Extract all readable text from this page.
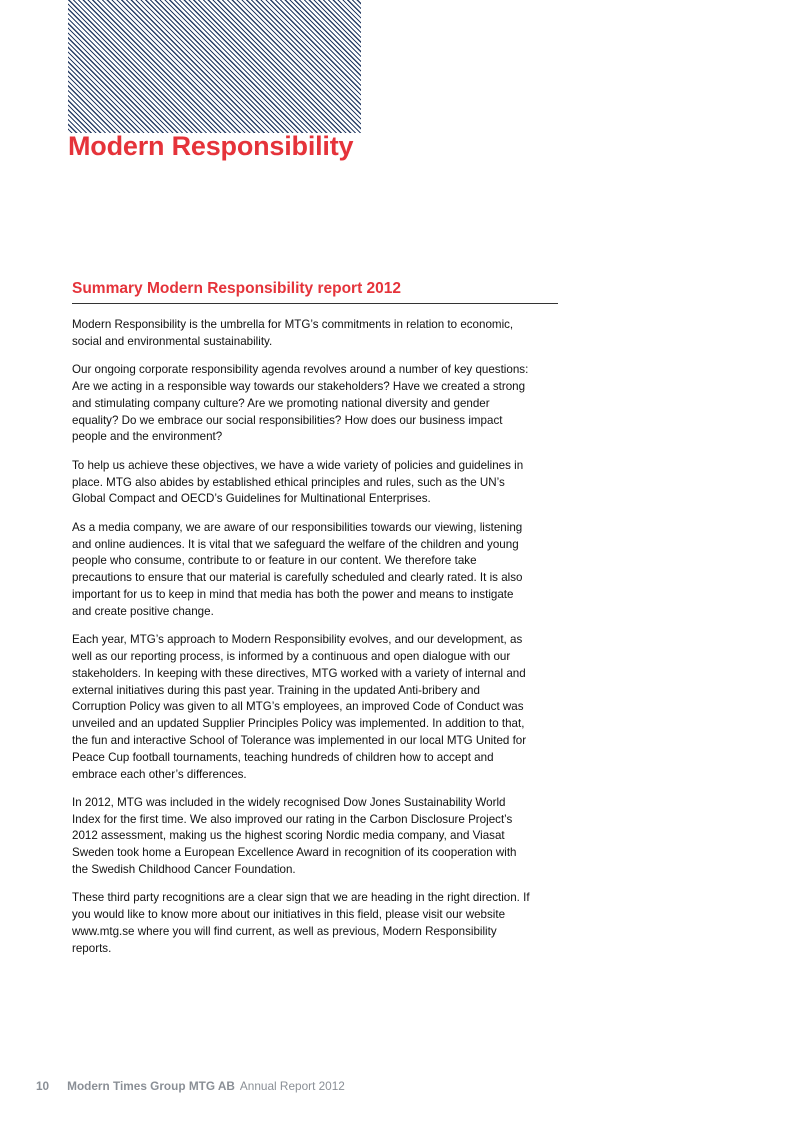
Modern Responsibility
Summary Modern Responsibility report 2012

Modern Responsibility is the umbrella for MTG’s commitments in relation to economic,
social and environmental sustainability.

Our ongoing corporate responsibility agenda revolves around a number of key questions:
Are we acting in a responsible way towards our stakeholders? Have we created a strong
and stimulating company culture? Are we promoting national diversity and gender
equality? Do we embrace our social responsibilities? How does our business impact
people and the environment?

To help us achieve these objectives, we have a wide variety of policies and guidelines in
place. MTG also abides by established ethical principles and rules, such as the UN’s
Global Compact and OECD’s Guidelines for Multinational Enterprises.

As a media company, we are aware of our responsibilities towards our viewing, listening
and online audiences. It is vital that we safeguard the welfare of the children and young
people who consume, contribute to or feature in our content. We therefore take
precautions to ensure that our material is carefully scheduled and clearly rated. It is also
important for us to keep in mind that media has both the power and means to instigate
and create positive change.

Each year, MTG’s approach to Modern Responsibility evolves, and our development, as
well as our reporting process, is informed by a continuous and open dialogue with our
stakeholders. In keeping with these directives, MTG worked with a variety of internal and
external initiatives during this past year. Training in the updated Anti-bribery and
Corruption Policy was given to all MTG’s employees, an improved Code of Conduct was
unveiled and an updated Supplier Principles Policy was implemented. In addition to that,
the fun and interactive School of Tolerance was implemented in our local MTG United for
Peace Cup football tournaments, teaching hundreds of children how to accept and
embrace each other’s differences.

In 2012, MTG was included in the widely recognised Dow Jones Sustainability World
Index for the first time. We also improved our rating in the Carbon Disclosure Project’s
2012 assessment, making us the highest scoring Nordic media company, and Viasat
Sweden took home a European Excellence Award in recognition of its cooperation with
the Swedish Childhood Cancer Foundation.

These third party recognitions are a clear sign that we are heading in the right direction. If
you would like to know more about our initiatives in this field, please visit our website
www.mtg.se where you will find current, as well as previous, Modern Responsibility
reports.

10 Modern Times Group MTG AB Annual Report 2012
